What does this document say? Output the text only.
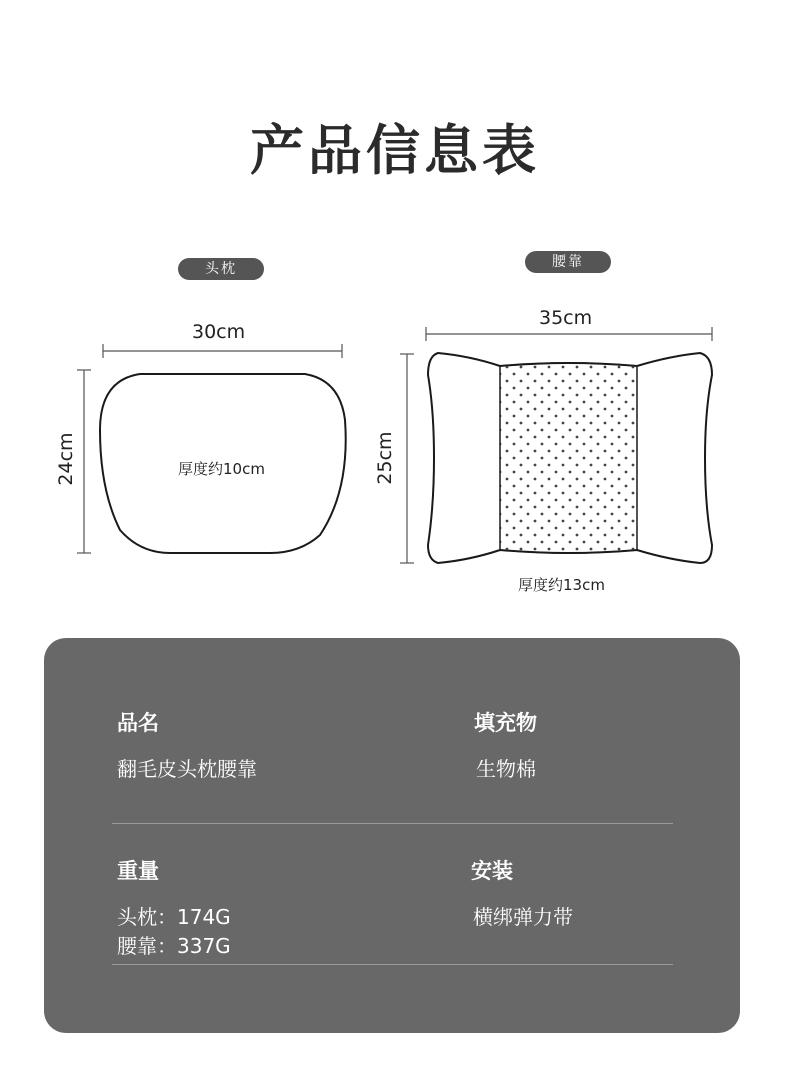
产品信息表
头枕	腰靠
30cm
24cm	厚度约10cm
35cm
25cm
厚度约13cm
品名
翻毛皮头枕腰靠
填充物
生物棉
重量
头枕：174G
腰靠：337G
安装
横绑弹力带
